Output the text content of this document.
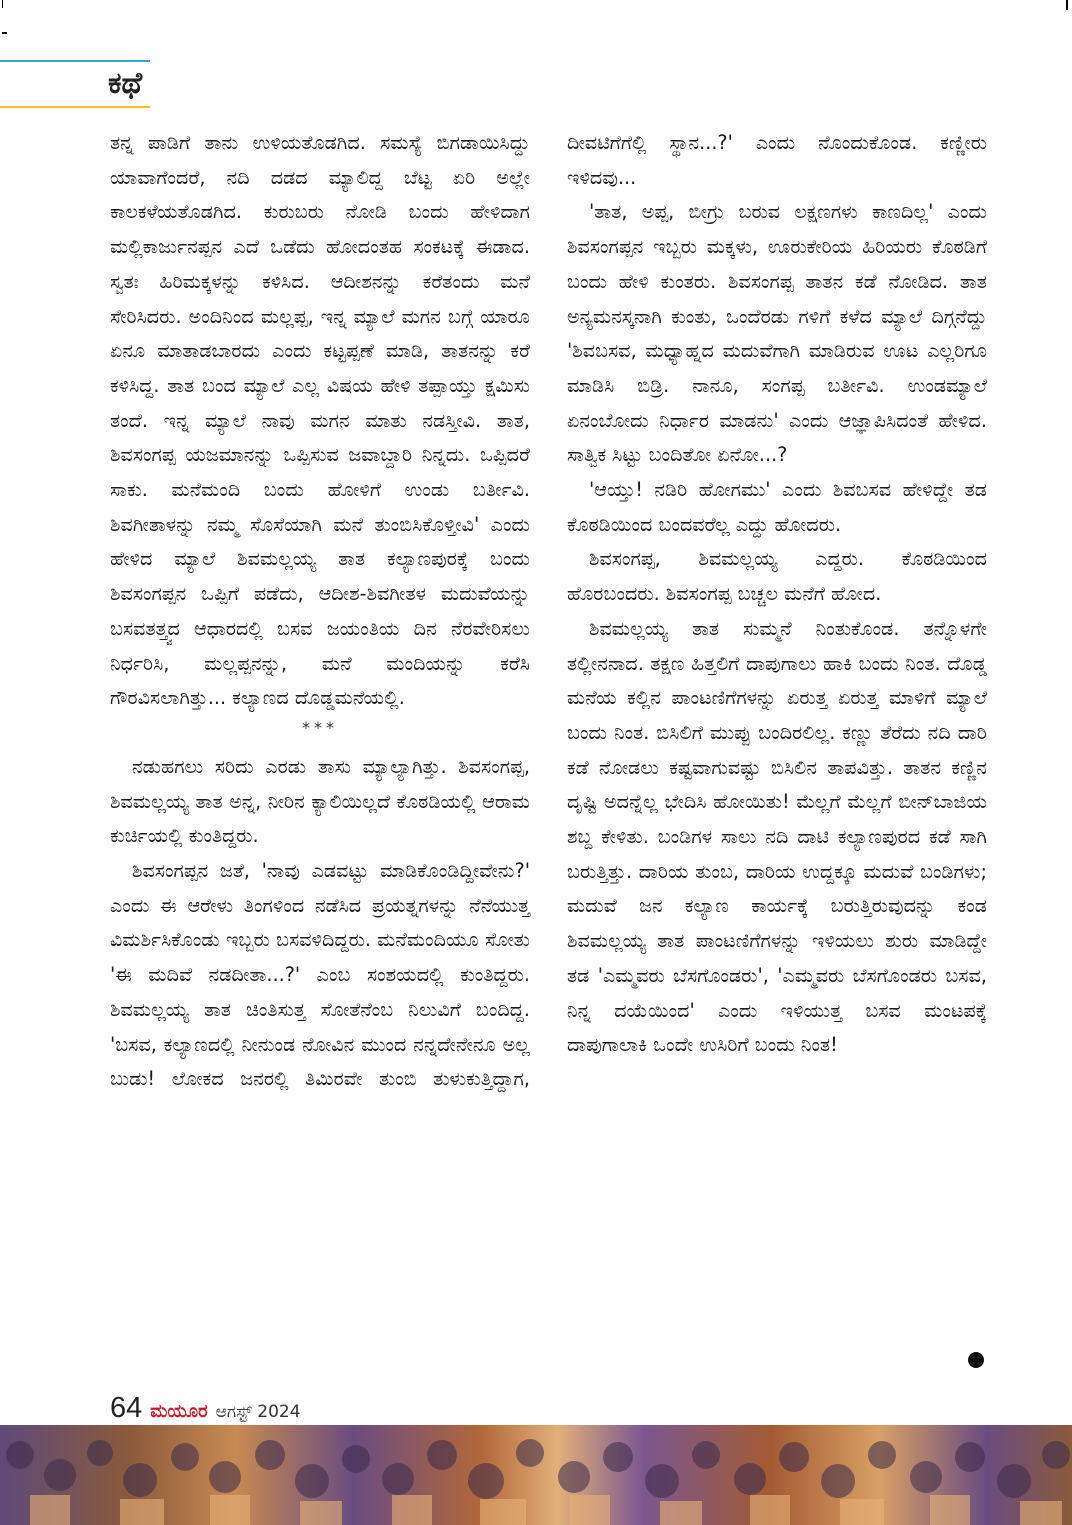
ಕಥೆ

ತನ್ನ ಪಾಡಿಗೆ ತಾನು ಉಳಿಯತೊಡಗಿದ. ಸಮಸ್ಯೆ ಬಿಗಡಾಯಿಸಿದ್ದು ಯಾವಾಗೆಂದರೆ, ನದಿ ದಡದ ಮ್ಯಾಲಿದ್ದ ಬೆಟ್ಟ ಏರಿ ಅಲ್ಲೇ ಕಾಲಕಳೆಯತೊಡಗಿದ. ಕುರುಬರು ನೋಡಿ ಬಂದು ಹೇಳಿದಾಗ ಮಲ್ಲಿಕಾರ್ಜುನಪ್ಪನ ಎದೆ ಒಡೆದು ಹೋದಂತಹ ಸಂಕಟಕ್ಕೆ ಈಡಾದ. ಸ್ವತಃ ಹಿರಿಮಕ್ಕಳನ್ನು ಕಳಿಸಿದ. ಆದೀಶನನ್ನು ಕರೆತಂದು ಮನೆ ಸೇರಿಸಿದರು. ಅಂದಿನಿಂದ ಮಲ್ಲಪ್ಪ, ಇನ್ನ ಮ್ಯಾಲೆ ಮಗನ ಬಗ್ಗೆ ಯಾರೂ ಏನೂ ಮಾತಾಡಬಾರದು ಎಂದು ಕಟ್ಟಪ್ಪಣೆ ಮಾಡಿ, ತಾತನನ್ನು ಕರೆ ಕಳಿಸಿದ್ದ. ತಾತ ಬಂದ ಮ್ಯಾಲೆ ಎಲ್ಲ ವಿಷಯ ಹೇಳಿ ತಪ್ಪಾಯ್ತು ಕ್ಷಮಿಸು ತಂದೆ. ಇನ್ನ ಮ್ಯಾಲೆ ನಾವು ಮಗನ ಮಾತು ನಡಸ್ತೀವಿ. ತಾತ, ಶಿವಸಂಗಪ್ಪ ಯಜಮಾನನ್ನು ಒಪ್ಪಿಸುವ ಜವಾಬ್ದಾರಿ ನಿನ್ನದು. ಒಪ್ಪಿದರೆ ಸಾಕು. ಮನೆಮಂದಿ ಬಂದು ಹೋಳಿಗೆ ಉಂಡು ಬರ್ತೀವಿ. ಶಿವಗೀತಾಳನ್ನು ನಮ್ಮ ಸೊಸೆಯಾಗಿ ಮನೆ ತುಂಬಿಸಿಕೊಳ್ತೀವಿ' ಎಂದು ಹೇಳಿದ ಮ್ಯಾಲೆ ಶಿವಮಲ್ಲಯ್ಯ ತಾತ ಕಲ್ಯಾಣಪುರಕ್ಕೆ ಬಂದು ಶಿವಸಂಗಪ್ಪನ ಒಪ್ಪಿಗೆ ಪಡೆದು, ಆದೀಶ-ಶಿವಗೀತಳ ಮದುವೆಯನ್ನು ಬಸವತತ್ತ್ವದ ಆಧಾರದಲ್ಲಿ ಬಸವ ಜಯಂತಿಯ ದಿನ ನೆರವೇರಿಸಲು ನಿರ್ಧರಿಸಿ, ಮಲ್ಲಪ್ಪನನ್ನು, ಮನೆ ಮಂದಿಯನ್ನು ಕರೆಸಿ ಗೌರವಿಸಲಾಗಿತ್ತು... ಕಲ್ಯಾಣದ ದೊಡ್ಡಮನೆಯಲ್ಲಿ.

***

ನಡುಹಗಲು ಸರಿದು ಎರಡು ತಾಸು ಮ್ಯಾಲ್ಯಾಗಿತ್ತು. ಶಿವಸಂಗಪ್ಪ, ಶಿವಮಲ್ಲಯ್ಯ ತಾತ ಅನ್ನ, ನೀರಿನ ಕ್ಯಾಲಿಯಿಲ್ಲದೆ ಕೊಠಡಿಯಲ್ಲಿ ಆರಾಮ ಕುರ್ಚಿಯಲ್ಲಿ ಕುಂತಿದ್ದರು.

ಶಿವಸಂಗಪ್ಪನ ಜತೆ, 'ನಾವು ಎಡವಟ್ಟು ಮಾಡಿಕೊಂಡಿದ್ದೀವೇನು?' ಎಂದು ಈ ಆರೇಳು ತಿಂಗಳಿಂದ ನಡೆಸಿದ ಪ್ರಯತ್ನಗಳನ್ನು ನೆನೆಯುತ್ತ ವಿಮರ್ಶಿಸಿಕೊಂಡು ಇಬ್ಬರು ಬಸವಳಿದಿದ್ದರು. ಮನೆಮಂದಿಯೂ ಸೋತು 'ಈ ಮದಿವೆ ನಡದೀತಾ...?' ಎಂಬ ಸಂಶಯದಲ್ಲಿ ಕುಂತಿದ್ದರು. ಶಿವಮಲ್ಲಯ್ಯ ತಾತ ಚಿಂತಿಸುತ್ತ ಸೋತೆನೆಂಬ ನಿಲುವಿಗೆ ಬಂದಿದ್ದ. 'ಬಸವ, ಕಲ್ಯಾಣದಲ್ಲಿ ನೀನುಂಡ ನೋವಿನ ಮುಂದ ನನ್ನದೇನೇನೂ ಅಲ್ಲ ಬುಡು! ಲೋಕದ ಜನರಲ್ಲಿ ತಿಮಿರವೇ ತುಂಬಿ ತುಳುಕುತ್ತಿದ್ದಾಗ,

ದೀವಟಿಗೆಗೆಲ್ಲಿ ಸ್ಥಾನ...?' ಎಂದು ನೊಂದುಕೊಂಡ. ಕಣ್ಣೀರು ಇಳಿದವು...

'ತಾತ, ಅಪ್ಪ, ಬೀಗ್ರು ಬರುವ ಲಕ್ಷಣಗಳು ಕಾಣದಿಲ್ಲ' ಎಂದು ಶಿವಸಂಗಪ್ಪನ ಇಬ್ಬರು ಮಕ್ಕಳು, ಊರುಕೇರಿಯ ಹಿರಿಯರು ಕೊಠಡಿಗೆ ಬಂದು ಹೇಳಿ ಕುಂತರು. ಶಿವಸಂಗಪ್ಪ ತಾತನ ಕಡೆ ನೋಡಿದ. ತಾತ ಅನ್ಯಮನಸ್ಕನಾಗಿ ಕುಂತು, ಒಂದೆರಡು ಗಳಿಗೆ ಕಳೆದ ಮ್ಯಾಲೆ ದಿಗ್ಗನೆದ್ದು 'ಶಿವಬಸವ, ಮಧ್ಯಾಹ್ನದ ಮದುವೆಗಾಗಿ ಮಾಡಿರುವ ಊಟ ಎಲ್ಲರಿಗೂ ಮಾಡಿಸಿ ಬಿಡ್ರಿ. ನಾನೂ, ಸಂಗಪ್ಪ ಬರ್ತೀವಿ. ಉಂಡಮ್ಯಾಲೆ ಏನಂಬೋದು ನಿರ್ಧಾರ ಮಾಡನು' ಎಂದು ಆಜ್ಞಾಪಿಸಿದಂತೆ ಹೇಳಿದ. ಸಾತ್ವಿಕ ಸಿಟ್ಟು ಬಂದಿತೋ ಏನೋ...?

'ಆಯ್ತು! ನಡಿರಿ ಹೋಗಮು' ಎಂದು ಶಿವಬಸವ ಹೇಳಿದ್ದೇ ತಡ ಕೊಠಡಿಯಿಂದ ಬಂದವರೆಲ್ಲ ಎದ್ದು ಹೋದರು.

ಶಿವಸಂಗಪ್ಪ, ಶಿವಮಲ್ಲಯ್ಯ ಎದ್ದರು. ಕೊಠಡಿಯಿಂದ ಹೊರಬಂದರು. ಶಿವಸಂಗಪ್ಪ ಬಚ್ಚಲ ಮನೆಗೆ ಹೋದ.

ಶಿವಮಲ್ಲಯ್ಯ ತಾತ ಸುಮ್ಮನೆ ನಿಂತುಕೊಂಡ. ತನ್ನೊಳಗೇ ತಲ್ಲೀನನಾದ. ತಕ್ಷಣ ಹಿತ್ತಲಿಗೆ ದಾಪುಗಾಲು ಹಾಕಿ ಬಂದು ನಿಂತ. ದೊಡ್ಡ ಮನೆಯ ಕಲ್ಲಿನ ಪಾಂಟಣಿಗೆಗಳನ್ನು ಏರುತ್ತ ಏರುತ್ತ ಮಾಳಿಗೆ ಮ್ಯಾಲೆ ಬಂದು ನಿಂತ. ಬಿಸಿಲಿಗೆ ಮುಪ್ಪು ಬಂದಿರಲಿಲ್ಲ. ಕಣ್ಣು ತೆರೆದು ನದಿ ದಾರಿ ಕಡೆ ನೋಡಲು ಕಷ್ಟವಾಗುವಷ್ಟು ಬಿಸಿಲಿನ ತಾಪವಿತ್ತು. ತಾತನ ಕಣ್ಣಿನ ದೃಷ್ಟಿ ಅದನ್ನೆಲ್ಲ ಭೇದಿಸಿ ಹೋಯಿತು! ಮೆಲ್ಲಗೆ ಮೆಲ್ಲಗೆ ಬೀನ್‌ಬಾಜಿಯ ಶಬ್ದ ಕೇಳಿತು. ಬಂಡಿಗಳ ಸಾಲು ನದಿ ದಾಟಿ ಕಲ್ಯಾಣಪುರದ ಕಡೆ ಸಾಗಿ ಬರುತ್ತಿತ್ತು. ದಾರಿಯ ತುಂಬ, ದಾರಿಯ ಉದ್ದಕ್ಕೂ ಮದುವೆ ಬಂಡಿಗಳು; ಮದುವೆ ಜನ ಕಲ್ಯಾಣ ಕಾರ್ಯಕ್ಕೆ ಬರುತ್ತಿರುವುದನ್ನು ಕಂಡ ಶಿವಮಲ್ಲಯ್ಯ ತಾತ ಪಾಂಟಣಿಗೆಗಳನ್ನು ಇಳಿಯಲು ಶುರು ಮಾಡಿದ್ದೇ ತಡ 'ಎಮ್ಮವರು ಬೆಸಗೊಂಡರು', 'ಎಮ್ಮವರು ಬೆಸಗೊಂಡರು ಬಸವ, ನಿನ್ನ ದಯೆಯಿಂದ' ಎಂದು ಇಳಿಯುತ್ತ ಬಸವ ಮಂಟಪಕ್ಕೆ ದಾಪುಗಾಲಾಕಿ ಒಂದೇ ಉಸಿರಿಗೆ ಬಂದು ನಿಂತ!

64 ಮಯೂರ ಆಗಸ್ಟ್ 2024
